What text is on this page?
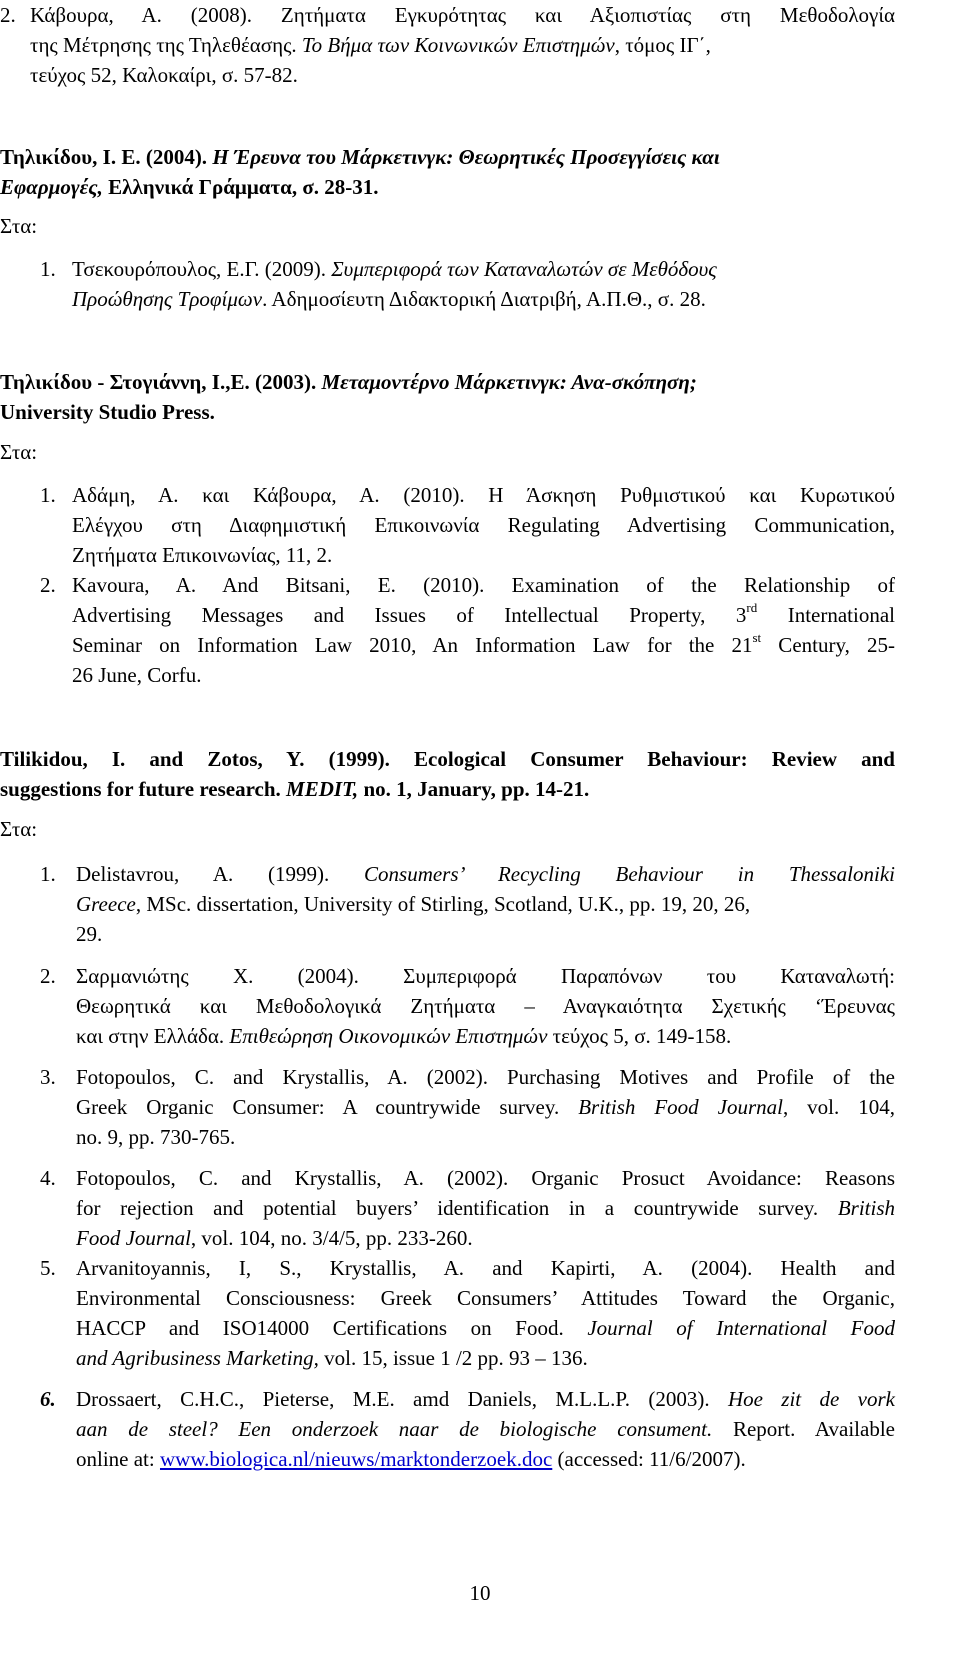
2. Κάβουρα, Α. (2008). Ζητήματα Εγκυρότητας και Αξιοπιστίας στη Μεθοδολογία
της Μέτρησης της Τηλεθέασης. Το Βήμα των Κοινωνικών Επιστημών, τόμος ΙΓ΄,
τεύχος 52, Καλοκαίρι, σ. 57-82.
Τηλικίδου, Ι. Ε. (2004). Η Έρευνα του Μάρκετινγκ: Θεωρητικές Προσεγγίσεις και
Εφαρμογές, Ελληνικά Γράμματα, σ. 28-31.
Στα:
1. Τσεκουρόπουλος, Ε.Γ. (2009). Συμπεριφορά των Καταναλωτών σε Μεθόδους
Προώθησης Τροφίμων. Αδημοσίευτη Διδακτορική Διατριβή, Α.Π.Θ., σ. 28.
Τηλικίδου - Στογιάννη, Ι.,Ε. (2003). Μεταμοντέρνο Μάρκετινγκ: Ανα-σκόπηση;
University Studio Press.
Στα:
1. Αδάμη, Α. και Κάβουρα, Α. (2010). Η Άσκηση Ρυθμιστικού και Κυρωτικού
Ελέγχου στη Διαφημιστική Επικοινωνία Regulating Advertising Communication,
Ζητήματα Επικοινωνίας, 11, 2.
2. Kavoura, A. And Bitsani, E. (2010). Examination of the Relationship of
Advertising Messages and Issues of Intellectual Property, 3rd International
Seminar on Information Law 2010, An Information Law for the 21st Century, 25-
26 June, Corfu.
Tilikidou, I. and Zotos, Y. (1999). Ecological Consumer Behaviour: Review and
suggestions for future research. MEDIT, no. 1, January, pp. 14-21.
Στα:
1. Delistavrou, A. (1999). Consumers’ Recycling Behaviour in Thessaloniki
Greece, MSc. dissertation, University of Stirling, Scotland, U.K., pp. 19, 20, 26,
29.
2. Σαρμανιώτης Χ. (2004). Συμπεριφορά Παραπόνων του Καταναλωτή:
Θεωρητικά και Μεθοδολογικά Ζητήματα – Αναγκαιότητα Σχετικής ‘Έρευνας
και στην Ελλάδα. Επιθεώρηση Οικονομικών Επιστημών τεύχος 5, σ. 149-158.
3. Fotopoulos, C. and Krystallis, A. (2002). Purchasing Motives and Profile of the
Greek Organic Consumer: A countrywide survey. British Food Journal, vol. 104,
no. 9, pp. 730-765.
4. Fotopoulos, C. and Krystallis, A. (2002). Organic Prosuct Avoidance: Reasons
for rejection and potential buyers’ identification in a countrywide survey. British
Food Journal, vol. 104, no. 3/4/5, pp. 233-260.
5. Arvanitoyannis, I, S., Krystallis, A. and Kapirti, A. (2004). Health and
Environmental Consciousness: Greek Consumers’ Attitudes Toward the Organic,
HACCP and ISO14000 Certifications on Food. Journal of International Food
and Agribusiness Marketing, vol. 15, issue 1 /2 pp. 93 – 136.
6. Drossaert, C.H.C., Pieterse, M.E. amd Daniels, M.L.L.P. (2003). Hoe zit de vork
aan de steel? Een onderzoek naar de biologische consument. Report. Available
online at: www.biologica.nl/nieuws/marktonderzoek.doc (accessed: 11/6/2007).
10
